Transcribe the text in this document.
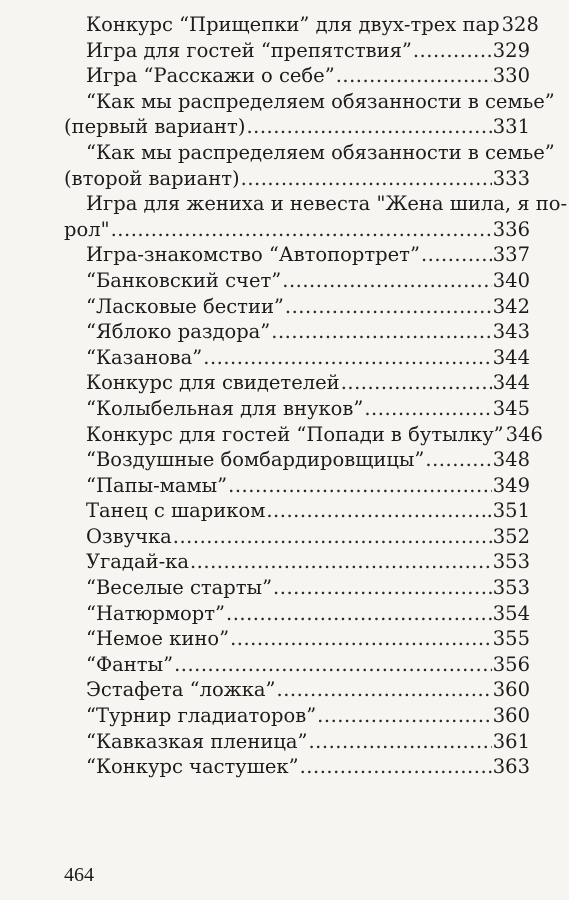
Конкурс “Прищепки” для двух-трех пар 328
Игра для гостей “препятствия” .....	329
Игра “Расскажи о себе” .....	330
“Как мы распределяем обязанности в семье”
(первый вариант) .....	331
“Как мы распределяем обязанности в семье”
(второй вариант) .....	333
Игра для жениха и невеста "Жена шила, я по-
рол" .....	336
Игра-знакомство “Автопортрет” .....	337
“Банковский счет” .....	340
“Ласковые бестии” .....	342
“Яблоко раздора” .....	343
“Казанова” .....	344
Конкурс для свидетелей .....	344
“Колыбельная для внуков” .....	345
Конкурс для гостей “Попади в бутылку” 346
“Воздушные бомбардировщицы” .....	348
“Папы-мамы” .....	349
Танец с шариком .....	.351
Озвучка .....	352
Угадай-ка .....	353
“Веселые старты” .....	353
“Натюрморт” .....	354
“Немое кино” .....	355
“Фанты” .....	356
Эстафета “ложка” .....	360
“Турнир гладиаторов” .....	360
“Кавказкая пленица” .....	361
“Конкурс частушек” .....	363
464
